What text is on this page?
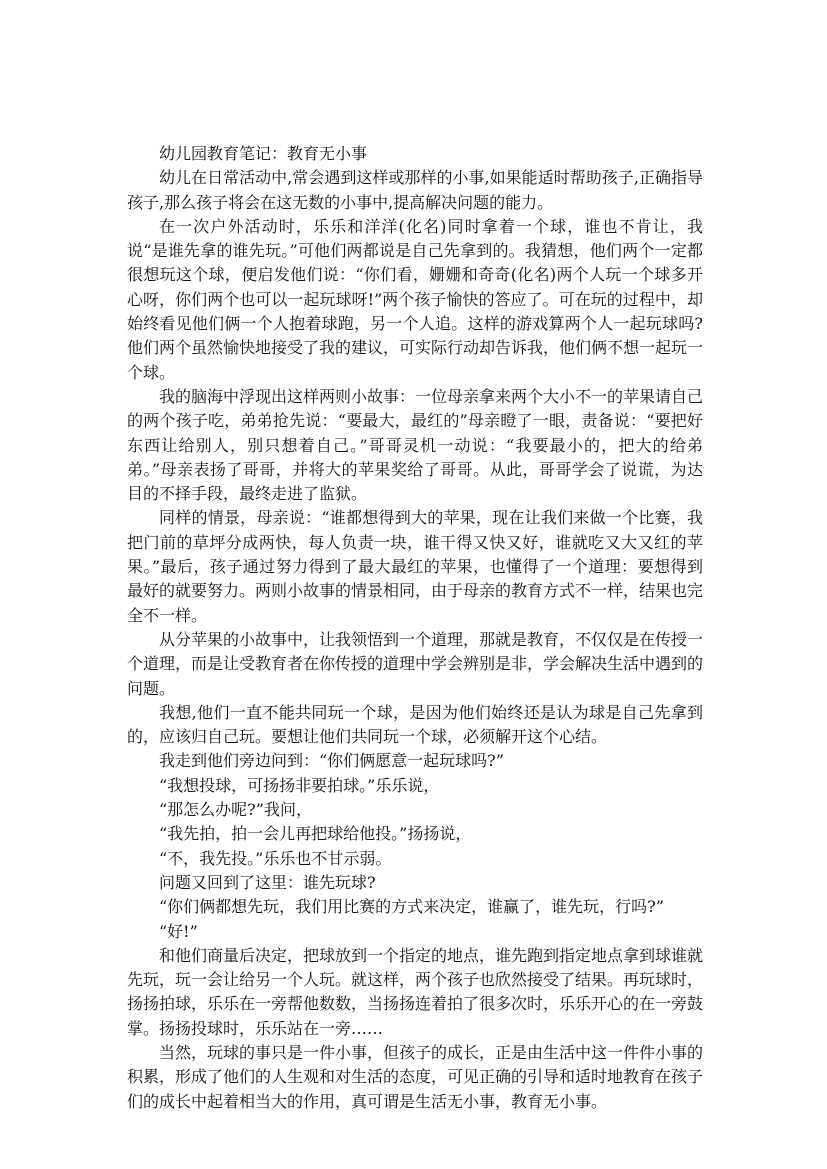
幼儿园教育笔记：教育无小事

幼儿在日常活动中,常会遇到这样或那样的小事,如果能适时帮助孩子,正确指导孩子,那么孩子将会在这无数的小事中,提高解决问题的能力。

在一次户外活动时，乐乐和洋洋(化名)同时拿着一个球，谁也不肯让，我说“是谁先拿的谁先玩。”可他们两都说是自己先拿到的。我猜想，他们两个一定都很想玩这个球，便启发他们说：“你们看，姗姗和奇奇(化名)两个人玩一个球多开心呀，你们两个也可以一起玩球呀!”两个孩子愉快的答应了。可在玩的过程中，却始终看见他们俩一个人抱着球跑，另一个人追。这样的游戏算两个人一起玩球吗?他们两个虽然愉快地接受了我的建议，可实际行动却告诉我，他们俩不想一起玩一个球。

我的脑海中浮现出这样两则小故事：一位母亲拿来两个大小不一的苹果请自己的两个孩子吃，弟弟抢先说：“要最大，最红的”母亲瞪了一眼，责备说：“要把好东西让给别人，别只想着自己。”哥哥灵机一动说：“我要最小的，把大的给弟弟。”母亲表扬了哥哥，并将大的苹果奖给了哥哥。从此，哥哥学会了说谎，为达目的不择手段，最终走进了监狱。

同样的情景，母亲说：“谁都想得到大的苹果，现在让我们来做一个比赛，我把门前的草坪分成两快，每人负责一块，谁干得又快又好，谁就吃又大又红的苹果。”最后，孩子通过努力得到了最大最红的苹果，也懂得了一个道理：要想得到最好的就要努力。两则小故事的情景相同，由于母亲的教育方式不一样，结果也完全不一样。

从分苹果的小故事中，让我领悟到一个道理，那就是教育，不仅仅是在传授一个道理，而是让受教育者在你传授的道理中学会辨别是非，学会解决生活中遇到的问题。

我想,他们一直不能共同玩一个球，是因为他们始终还是认为球是自己先拿到的，应该归自己玩。要想让他们共同玩一个球，必须解开这个心结。

我走到他们旁边问到：“你们俩愿意一起玩球吗?”

“我想投球，可扬扬非要拍球。”乐乐说，

“那怎么办呢?”我问，

“我先拍，拍一会儿再把球给他投。”扬扬说，

“不，我先投。”乐乐也不甘示弱。

问题又回到了这里：谁先玩球?

“你们俩都想先玩，我们用比赛的方式来决定，谁赢了，谁先玩，行吗?”

“好!”

和他们商量后决定，把球放到一个指定的地点，谁先跑到指定地点拿到球谁就先玩，玩一会让给另一个人玩。就这样，两个孩子也欣然接受了结果。再玩球时，扬扬拍球，乐乐在一旁帮他数数，当扬扬连着拍了很多次时，乐乐开心的在一旁鼓掌。扬扬投球时，乐乐站在一旁……

当然，玩球的事只是一件小事，但孩子的成长，正是由生活中这一件件小事的积累，形成了他们的人生观和对生活的态度，可见正确的引导和适时地教育在孩子们的成长中起着相当大的作用，真可谓是生活无小事，教育无小事。
